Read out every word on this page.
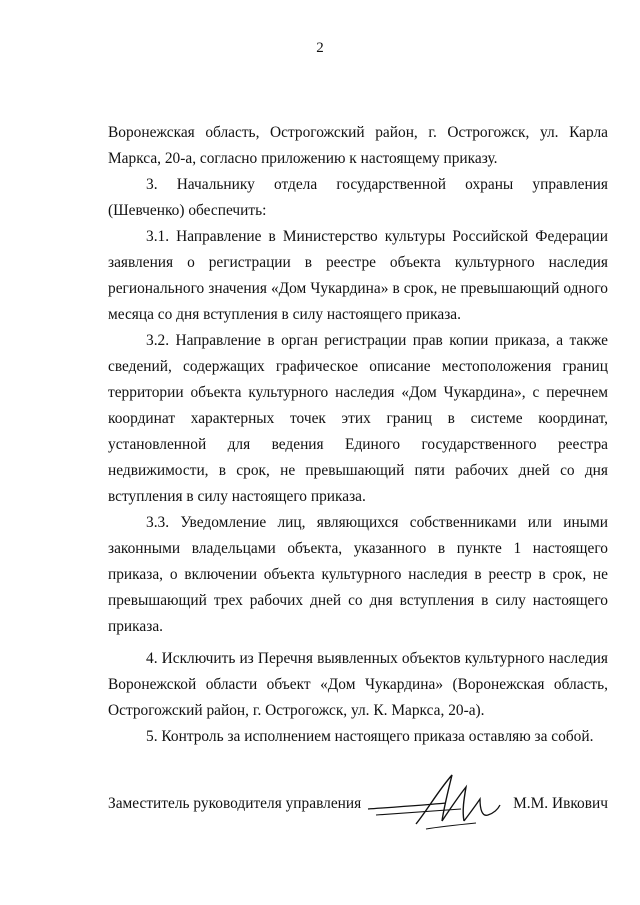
2

Воронежская область, Острогожский район, г. Острогожск, ул. Карла Маркса, 20-а, согласно приложению к настоящему приказу.

3. Начальнику отдела государственной охраны управления (Шевченко) обеспечить:

3.1. Направление в Министерство культуры Российской Федерации заявления о регистрации в реестре объекта культурного наследия регионального значения «Дом Чукардина» в срок, не превышающий одного месяца со дня вступления в силу настоящего приказа.

3.2. Направление в орган регистрации прав копии приказа, а также сведений, содержащих графическое описание местоположения границ территории объекта культурного наследия «Дом Чукардина», с перечнем координат характерных точек этих границ в системе координат, установленной для ведения Единого государственного реестра недвижимости, в срок, не превышающий пяти рабочих дней со дня вступления в силу настоящего приказа.

3.3. Уведомление лиц, являющихся собственниками или иными законными владельцами объекта, указанного в пункте 1 настоящего приказа, о включении объекта культурного наследия в реестр в срок, не превышающий трех рабочих дней со дня вступления в силу настоящего приказа.

4. Исключить из Перечня выявленных объектов культурного наследия Воронежской области объект «Дом Чукардина» (Воронежская область, Острогожский район, г. Острогожск, ул. К. Маркса, 20-а).

5. Контроль за исполнением настоящего приказа оставляю за собой.

Заместитель руководителя управления	М.М. Ивкович
